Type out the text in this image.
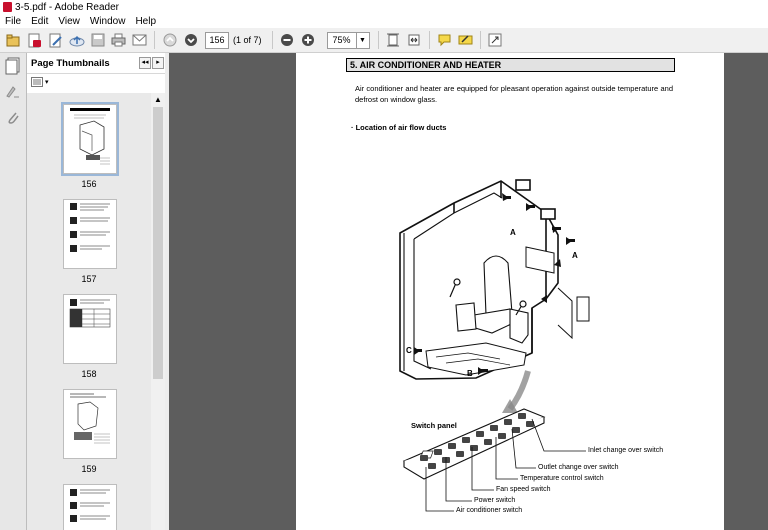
3-5.pdf - Adobe Reader
File	Edit	View	Window	Help
156 (1 of 7)	75%	▼
Page Thumbnails	◂◂	▸
▾
156
157
158
159
▲
5. AIR CONDITIONER AND HEATER
Air conditioner and heater are equipped for pleasant operation against outside temperature and defrost on window glass.
· Location of air flow ducts
A
A
B
C
Switch panel
Inlet change over switch
Outlet change over switch
Temperature control switch
Fan speed switch
Power switch
Air conditioner switch
